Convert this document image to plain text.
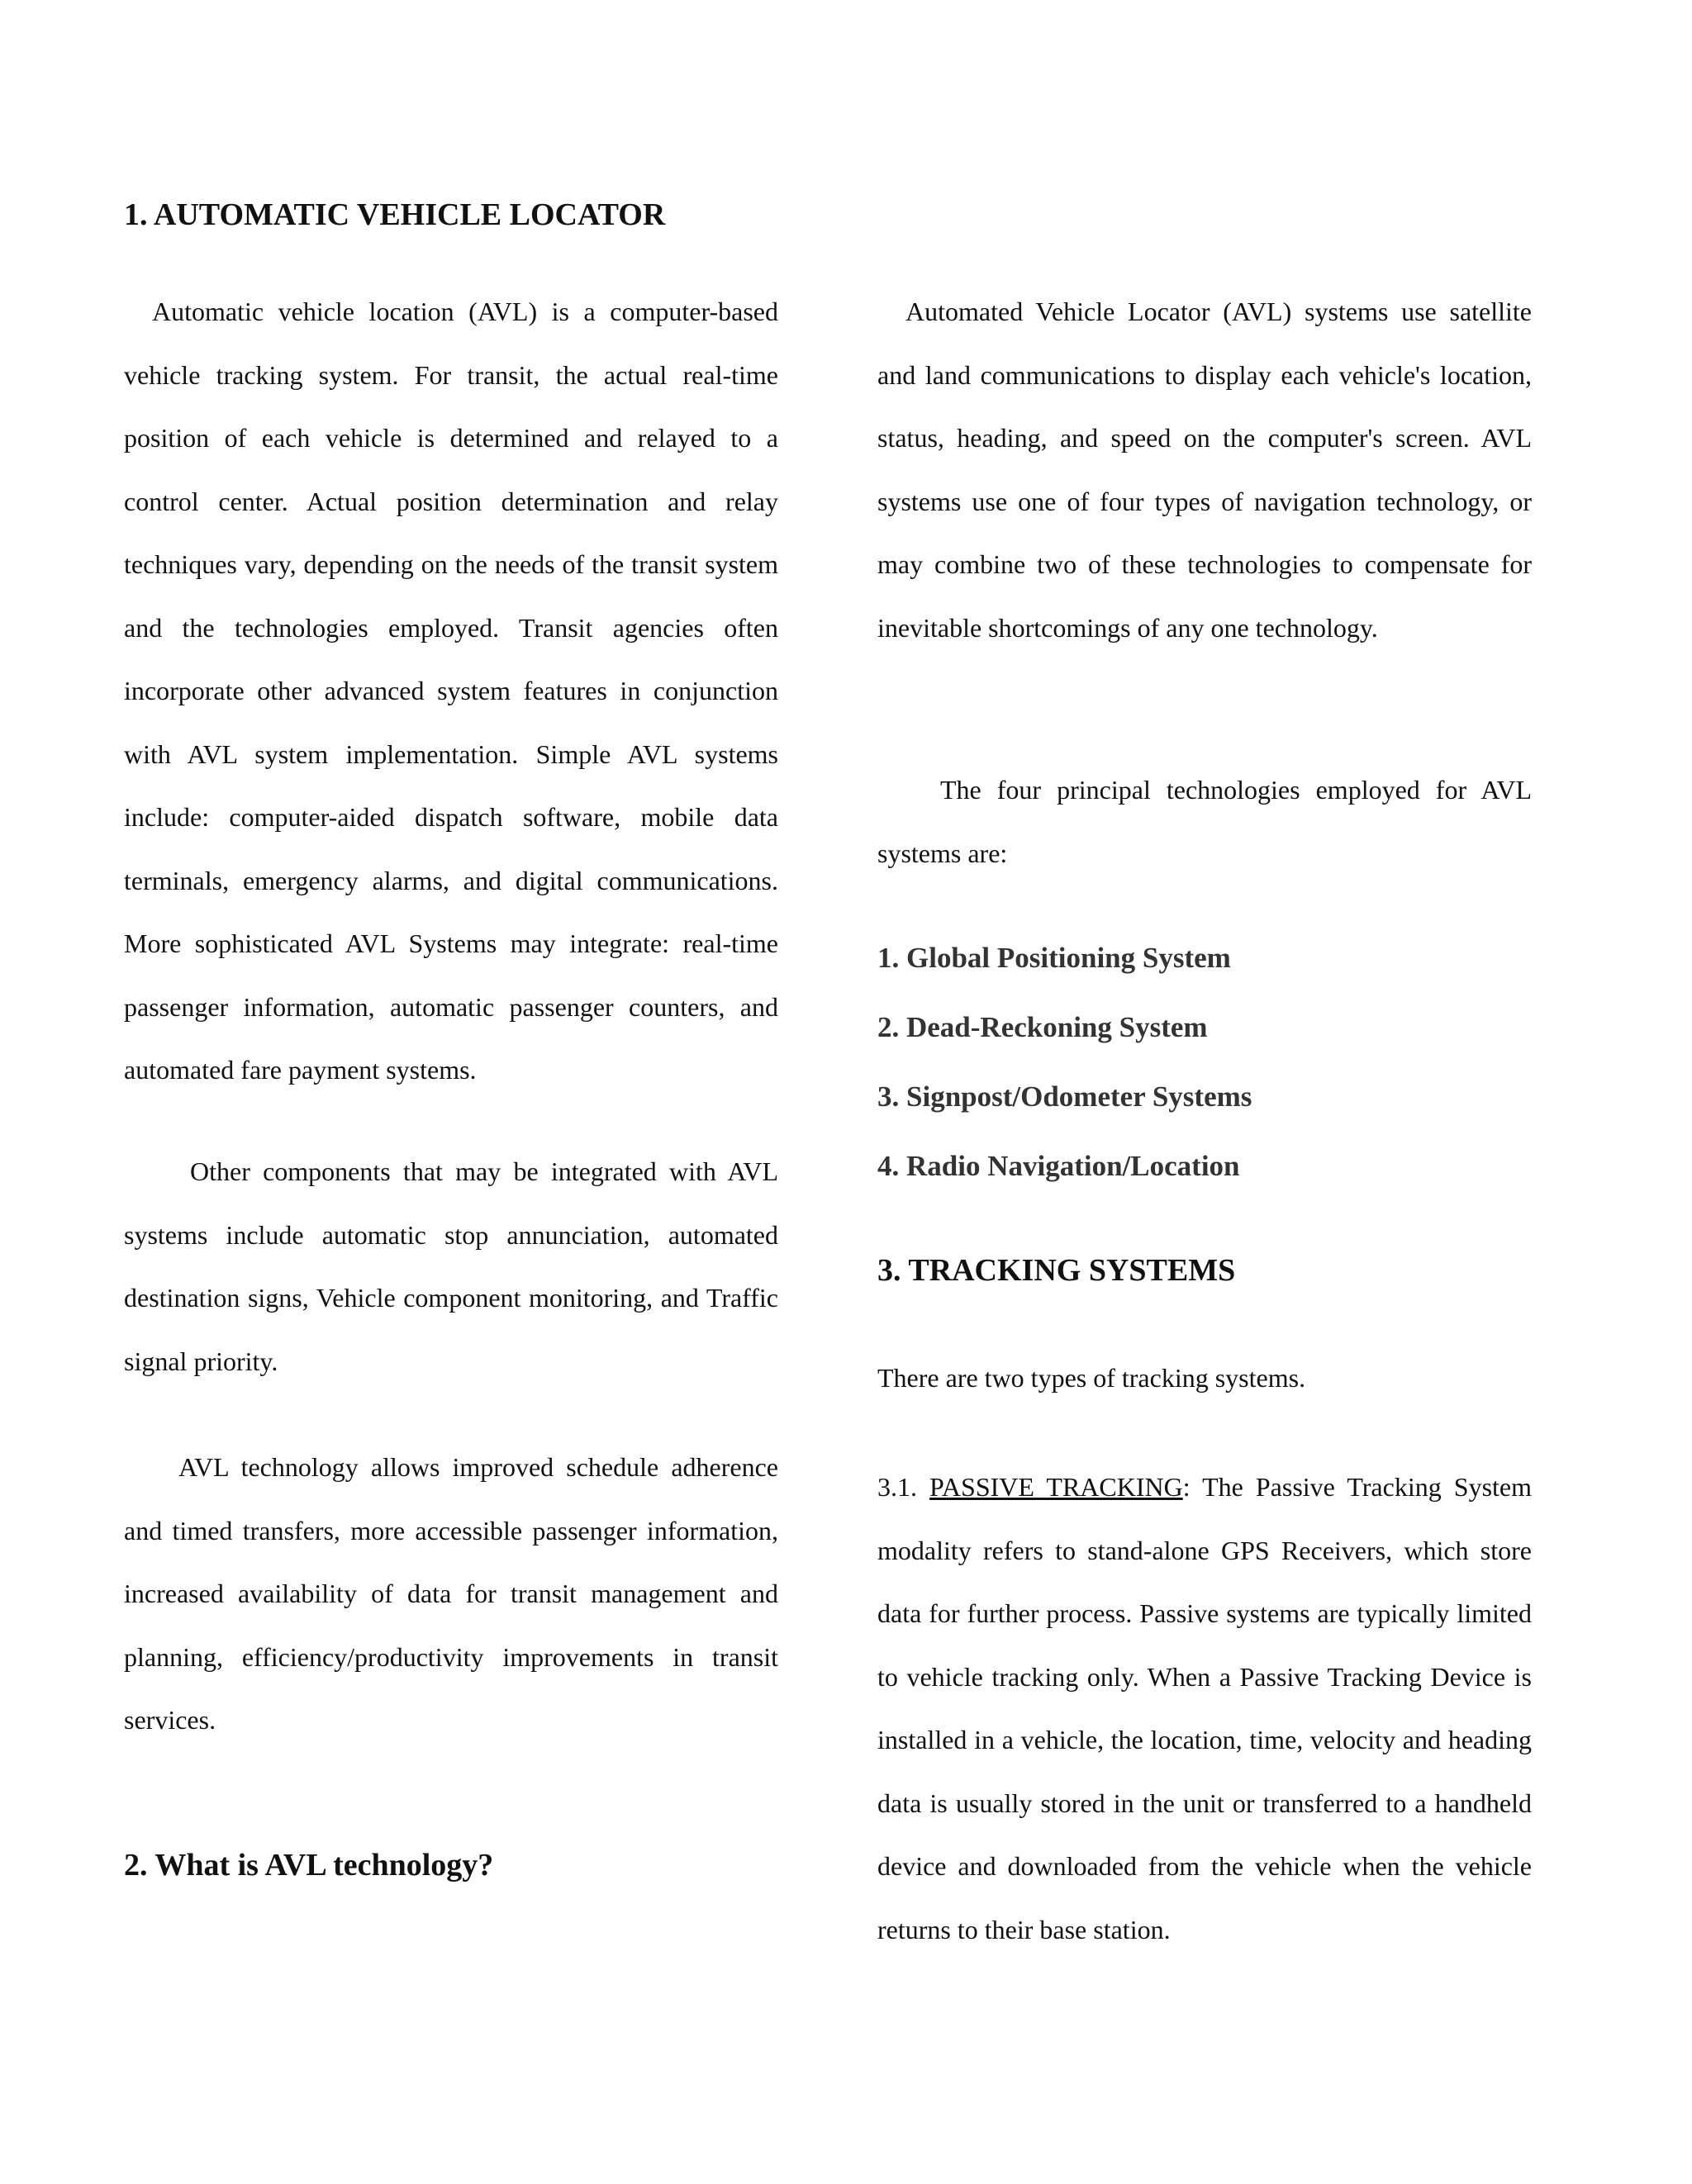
1. AUTOMATIC VEHICLE LOCATOR
Automatic vehicle location (AVL) is a computer-based vehicle tracking system. For transit, the actual real-time position of each vehicle is determined and relayed to a control center. Actual position determination and relay techniques vary, depending on the needs of the transit system and the technologies employed. Transit agencies often incorporate other advanced system features in conjunction with AVL system implementation. Simple AVL systems include: computer-aided dispatch software, mobile data terminals, emergency alarms, and digital communications. More sophisticated AVL Systems may integrate: real-time passenger information, automatic passenger counters, and automated fare payment systems.
Other components that may be integrated with AVL systems include automatic stop annunciation, automated destination signs, Vehicle component monitoring, and Traffic signal priority.
AVL technology allows improved schedule adherence and timed transfers, more accessible passenger information, increased availability of data for transit management and planning, efficiency/productivity improvements in transit services.
2. What is AVL technology?
Automated Vehicle Locator (AVL) systems use satellite and land communications to display each vehicle's location, status, heading, and speed on the computer's screen. AVL systems use one of four types of navigation technology, or may combine two of these technologies to compensate for inevitable shortcomings of any one technology.
The four principal technologies employed for AVL systems are:
1. Global Positioning System
2. Dead-Reckoning System
3. Signpost/Odometer Systems
4. Radio Navigation/Location
3. TRACKING SYSTEMS
There are two types of tracking systems.
3.1. PASSIVE TRACKING: The Passive Tracking System modality refers to stand-alone GPS Receivers, which store data for further process. Passive systems are typically limited to vehicle tracking only. When a Passive Tracking Device is installed in a vehicle, the location, time, velocity and heading data is usually stored in the unit or transferred to a handheld device and downloaded from the vehicle when the vehicle returns to their base station.
